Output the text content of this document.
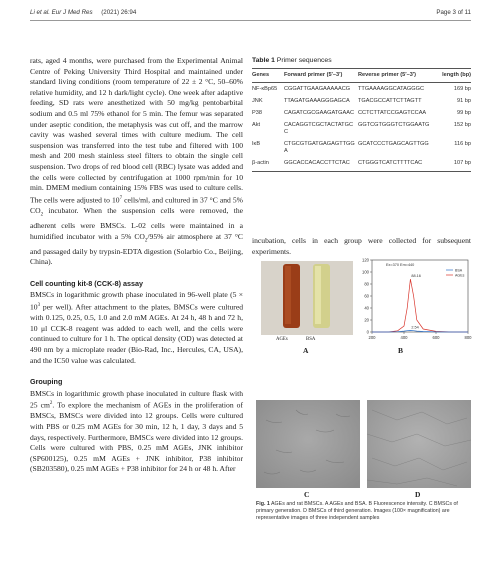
Li et al. Eur J Med Res (2021) 26:94	Page 3 of 11

rats, aged 4 months, were purchased from the Experimental Animal Centre of Peking University Third Hospital and maintained under standard living conditions (room temperature of 22 ± 2 °C, 50–60% relative humidity, and 12 h dark/light cycle). One week after adaptive feeding, SD rats were anesthetized with 50 mg/kg pentobarbital sodium and 0.5 ml 75% ethanol for 5 min. The femur was separated under aseptic condition, the metaphysis was cut off, and the marrow cavity was washed several times with culture medium. The cell suspension was transferred into the test tube and filtered with 100 mesh and 200 mesh stainless steel filters to obtain the single cell suspension. Two drops of red blood cell (RBC) lysate was added and the cells were collected by centrifugation at 1000 rpm/min for 10 min. DMEM medium containing 15% FBS was used to culture cells. The cells were adjusted to $10^7$ cells/ml, and cultured in 37 °C and 5% $CO_2$ incubator. When the suspension cells were removed, the adherent cells were BMSCs. L-02 cells were maintained in a humidified incubator with a 5% $CO_2/95\%$ air atmosphere at 37 °C and passaged daily by trypsin-EDTA digestion (Solarbio Co., Beijing, China).

Cell counting kit-8 (CCK-8) assay

BMSCs in logarithmic growth phase inoculated in 96-well plate ($5 \times 10^3$ per well). After attachment to the plates, BMSCs were cultured with 0.125, 0.25, 0.5, 1.0 and 2.0 mM AGEs. At 24 h, 48 h and 72 h, 10 μl CCK-8 reagent was added to each well, and the cells were continued to culture for 1 h. The optical density (OD) was detected at 490 nm by a microplate reader (Bio-Rad, Inc., Hercules, CA, USA), and the IC50 value was calculated.

Grouping

BMSCs in logarithmic growth phase inoculated in culture flask with 25 $cm^2$. To explore the mechanism of AGEs in the proliferation of BMSCs, BMSCs were divided into 12 groups. Cells were cultured with PBS or 0.25 mM AGEs for 30 min, 12 h, 1 day, 3 days and 5 days, respectively. Furthermore, BMSCs were divided into 12 groups. Cells were cultured with PBS, 0.25 mM AGEs, JNK inhibitor (SP600125), 0.25 mM AGEs + JNK inhibitor, P38 inhibitor (SB203580), 0.25 mM AGEs + P38 inhibitor for 24 h or 48 h. After

Table 1 Primer sequences
Genes	Forward primer (5′–3′)	Reverse primer (5′–3′)	length (bp)
NF-κBp65	CGGATTGAAGAAAAACG	TTGAAAAGGCATAGGGC	169 bp
JNK	TTAGATGAAAGGGAGCA	TGACGCCATTCTTAGTT	91 bp
P38	CAGATCGCGAAGATGAAC	CCTCTTATCCGAGTCCAA	99 bp
Akt	CACAGGTCGCTACTATGCC	GGTCGTGGGTCTGGAATG	152 bp
IκB	CTGCGTGATGAGAGTTGGA	GCATCCCTGAGCAGTTGG	116 bp
β-actin	GGCACCACACCTTCTAC	CTGGGTCATCTTTTCAC	107 bp

incubation, cells in each group were collected for subsequent experiments.

AGEs	BSA
A
0
20
40
60
80
100
120
200	400	600	800
Ex=370 Em=440
88.16
2.54
BSA
AGEs
B
C	D
Fig. 1 AGEs and rat BMSCs. A AGEs and BSA. B Fluorescence intensity. C BMSCs of primary generation. D BMSCs of third generation. Images (100× magnification) are representative images of three independent samples
